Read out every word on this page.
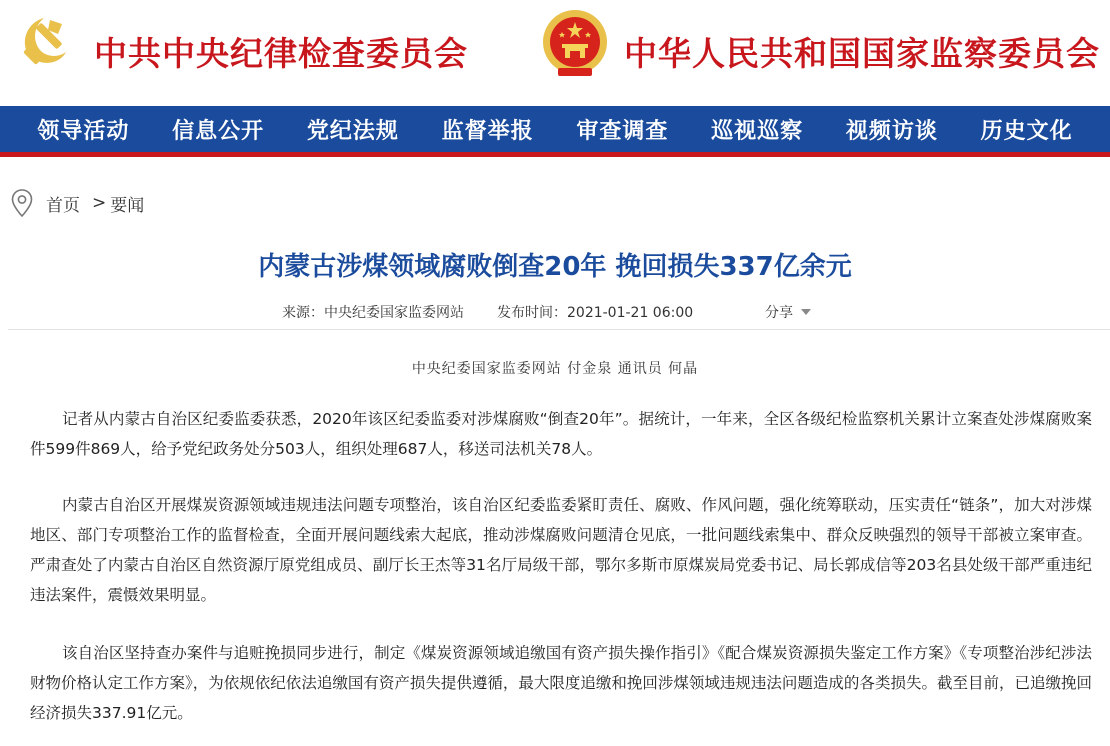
中共中央纪律检查委员会	中华人民共和国国家监察委员会
领导活动 信息公开 党纪法规 监督举报 审查调查 巡视巡察 视频访谈 历史文化
首页 > 要闻
内蒙古涉煤领域腐败倒查20年 挽回损失337亿余元
来源：中央纪委国家监委网站 发布时间：2021-01-21 06:00	分享
中央纪委国家监委网站 付金泉 通讯员 何晶

记者从内蒙古自治区纪委监委获悉，2020年该区纪委监委对涉煤腐败“倒查20年”。据统计，一年来，全区各级纪检监察机关累计立案查处涉煤腐败案件599件869人，给予党纪政务处分503人，组织处理687人，移送司法机关78人。

内蒙古自治区开展煤炭资源领域违规违法问题专项整治，该自治区纪委监委紧盯责任、腐败、作风问题，强化统筹联动，压实责任“链条”，加大对涉煤地区、部门专项整治工作的监督检查，全面开展问题线索大起底，推动涉煤腐败问题清仓见底，一批问题线索集中、群众反映强烈的领导干部被立案审查。严肃查处了内蒙古自治区自然资源厅原党组成员、副厅长王杰等31名厅局级干部，鄂尔多斯市原煤炭局党委书记、局长郭成信等203名县处级干部严重违纪违法案件，震慑效果明显。

该自治区坚持查办案件与追赃挽损同步进行，制定《煤炭资源领域追缴国有资产损失操作指引》《配合煤炭资源损失鉴定工作方案》《专项整治涉纪涉法财物价格认定工作方案》，为依规依纪依法追缴国有资产损失提供遵循，最大限度追缴和挽回涉煤领域违规违法问题造成的各类损失。截至目前，已追缴挽回经济损失337.91亿元。
